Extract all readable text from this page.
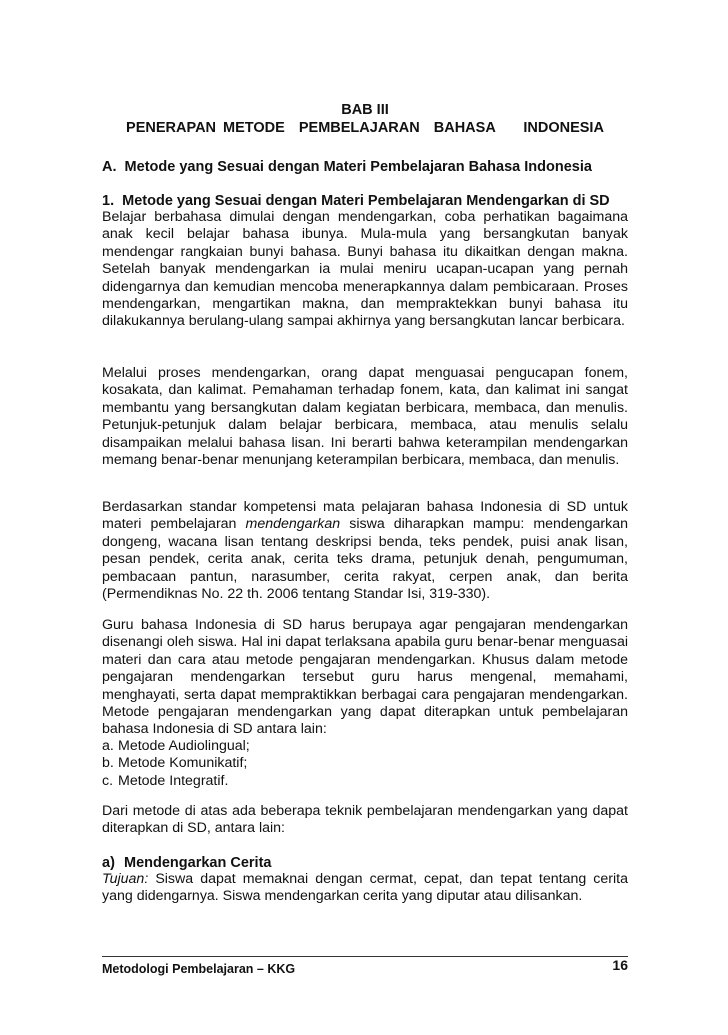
BAB III
PENERAPAN METODE  PEMBELAJARAN  BAHASA    INDONESIA
A.  Metode yang Sesuai dengan Materi Pembelajaran Bahasa Indonesia
1.  Metode yang Sesuai dengan Materi Pembelajaran Mendengarkan di SD

Belajar berbahasa dimulai dengan mendengarkan, coba perhatikan bagaimana anak kecil belajar bahasa ibunya. Mula-mula yang bersangkutan banyak mendengar rangkaian bunyi bahasa. Bunyi bahasa itu dikaitkan dengan makna. Setelah banyak mendengarkan ia mulai meniru ucapan-ucapan yang pernah didengarnya dan kemudian mencoba menerapkannya dalam pembicaraan. Proses mendengarkan, mengartikan makna, dan mempraktekkan bunyi bahasa itu dilakukannya berulang-ulang sampai akhirnya yang bersangkutan lancar berbicara.

Melalui proses mendengarkan, orang dapat menguasai pengucapan fonem, kosakata, dan kalimat. Pemahaman terhadap fonem, kata, dan kalimat ini sangat membantu yang bersangkutan dalam kegiatan berbicara, membaca, dan menulis. Petunjuk-petunjuk dalam belajar berbicara, membaca, atau menulis selalu disampaikan melalui bahasa lisan. Ini berarti bahwa keterampilan mendengarkan memang benar-benar menunjang keterampilan berbicara, membaca, dan menulis.

Berdasarkan standar kompetensi mata pelajaran bahasa Indonesia di SD untuk materi pembelajaran mendengarkan siswa diharapkan mampu: mendengarkan dongeng, wacana lisan tentang deskripsi benda, teks pendek, puisi anak lisan, pesan pendek, cerita anak, cerita teks drama, petunjuk denah, pengumuman, pembacaan pantun, narasumber, cerita rakyat, cerpen anak, dan berita (Permendiknas No. 22 th. 2006 tentang Standar Isi, 319-330).

Guru bahasa Indonesia di SD harus berupaya agar pengajaran mendengarkan disenangi oleh siswa. Hal ini dapat terlaksana apabila guru benar-benar menguasai materi dan cara atau metode pengajaran mendengarkan. Khusus dalam metode pengajaran mendengarkan tersebut guru harus mengenal, memahami, menghayati, serta dapat mempraktikkan berbagai cara pengajaran mendengarkan. Metode pengajaran mendengarkan yang dapat diterapkan untuk pembelajaran bahasa Indonesia di SD antara lain:

a. Metode Audiolingual;
b. Metode Komunikatif;
c. Metode Integratif.

Dari metode di atas ada beberapa teknik pembelajaran mendengarkan yang dapat diterapkan di SD, antara lain:

a) Mendengarkan Cerita

Tujuan: Siswa dapat memaknai dengan cermat, cepat, dan tepat tentang cerita yang didengarnya. Siswa mendengarkan cerita yang diputar atau dilisankan.

Metodologi Pembelajaran – KKG	16
